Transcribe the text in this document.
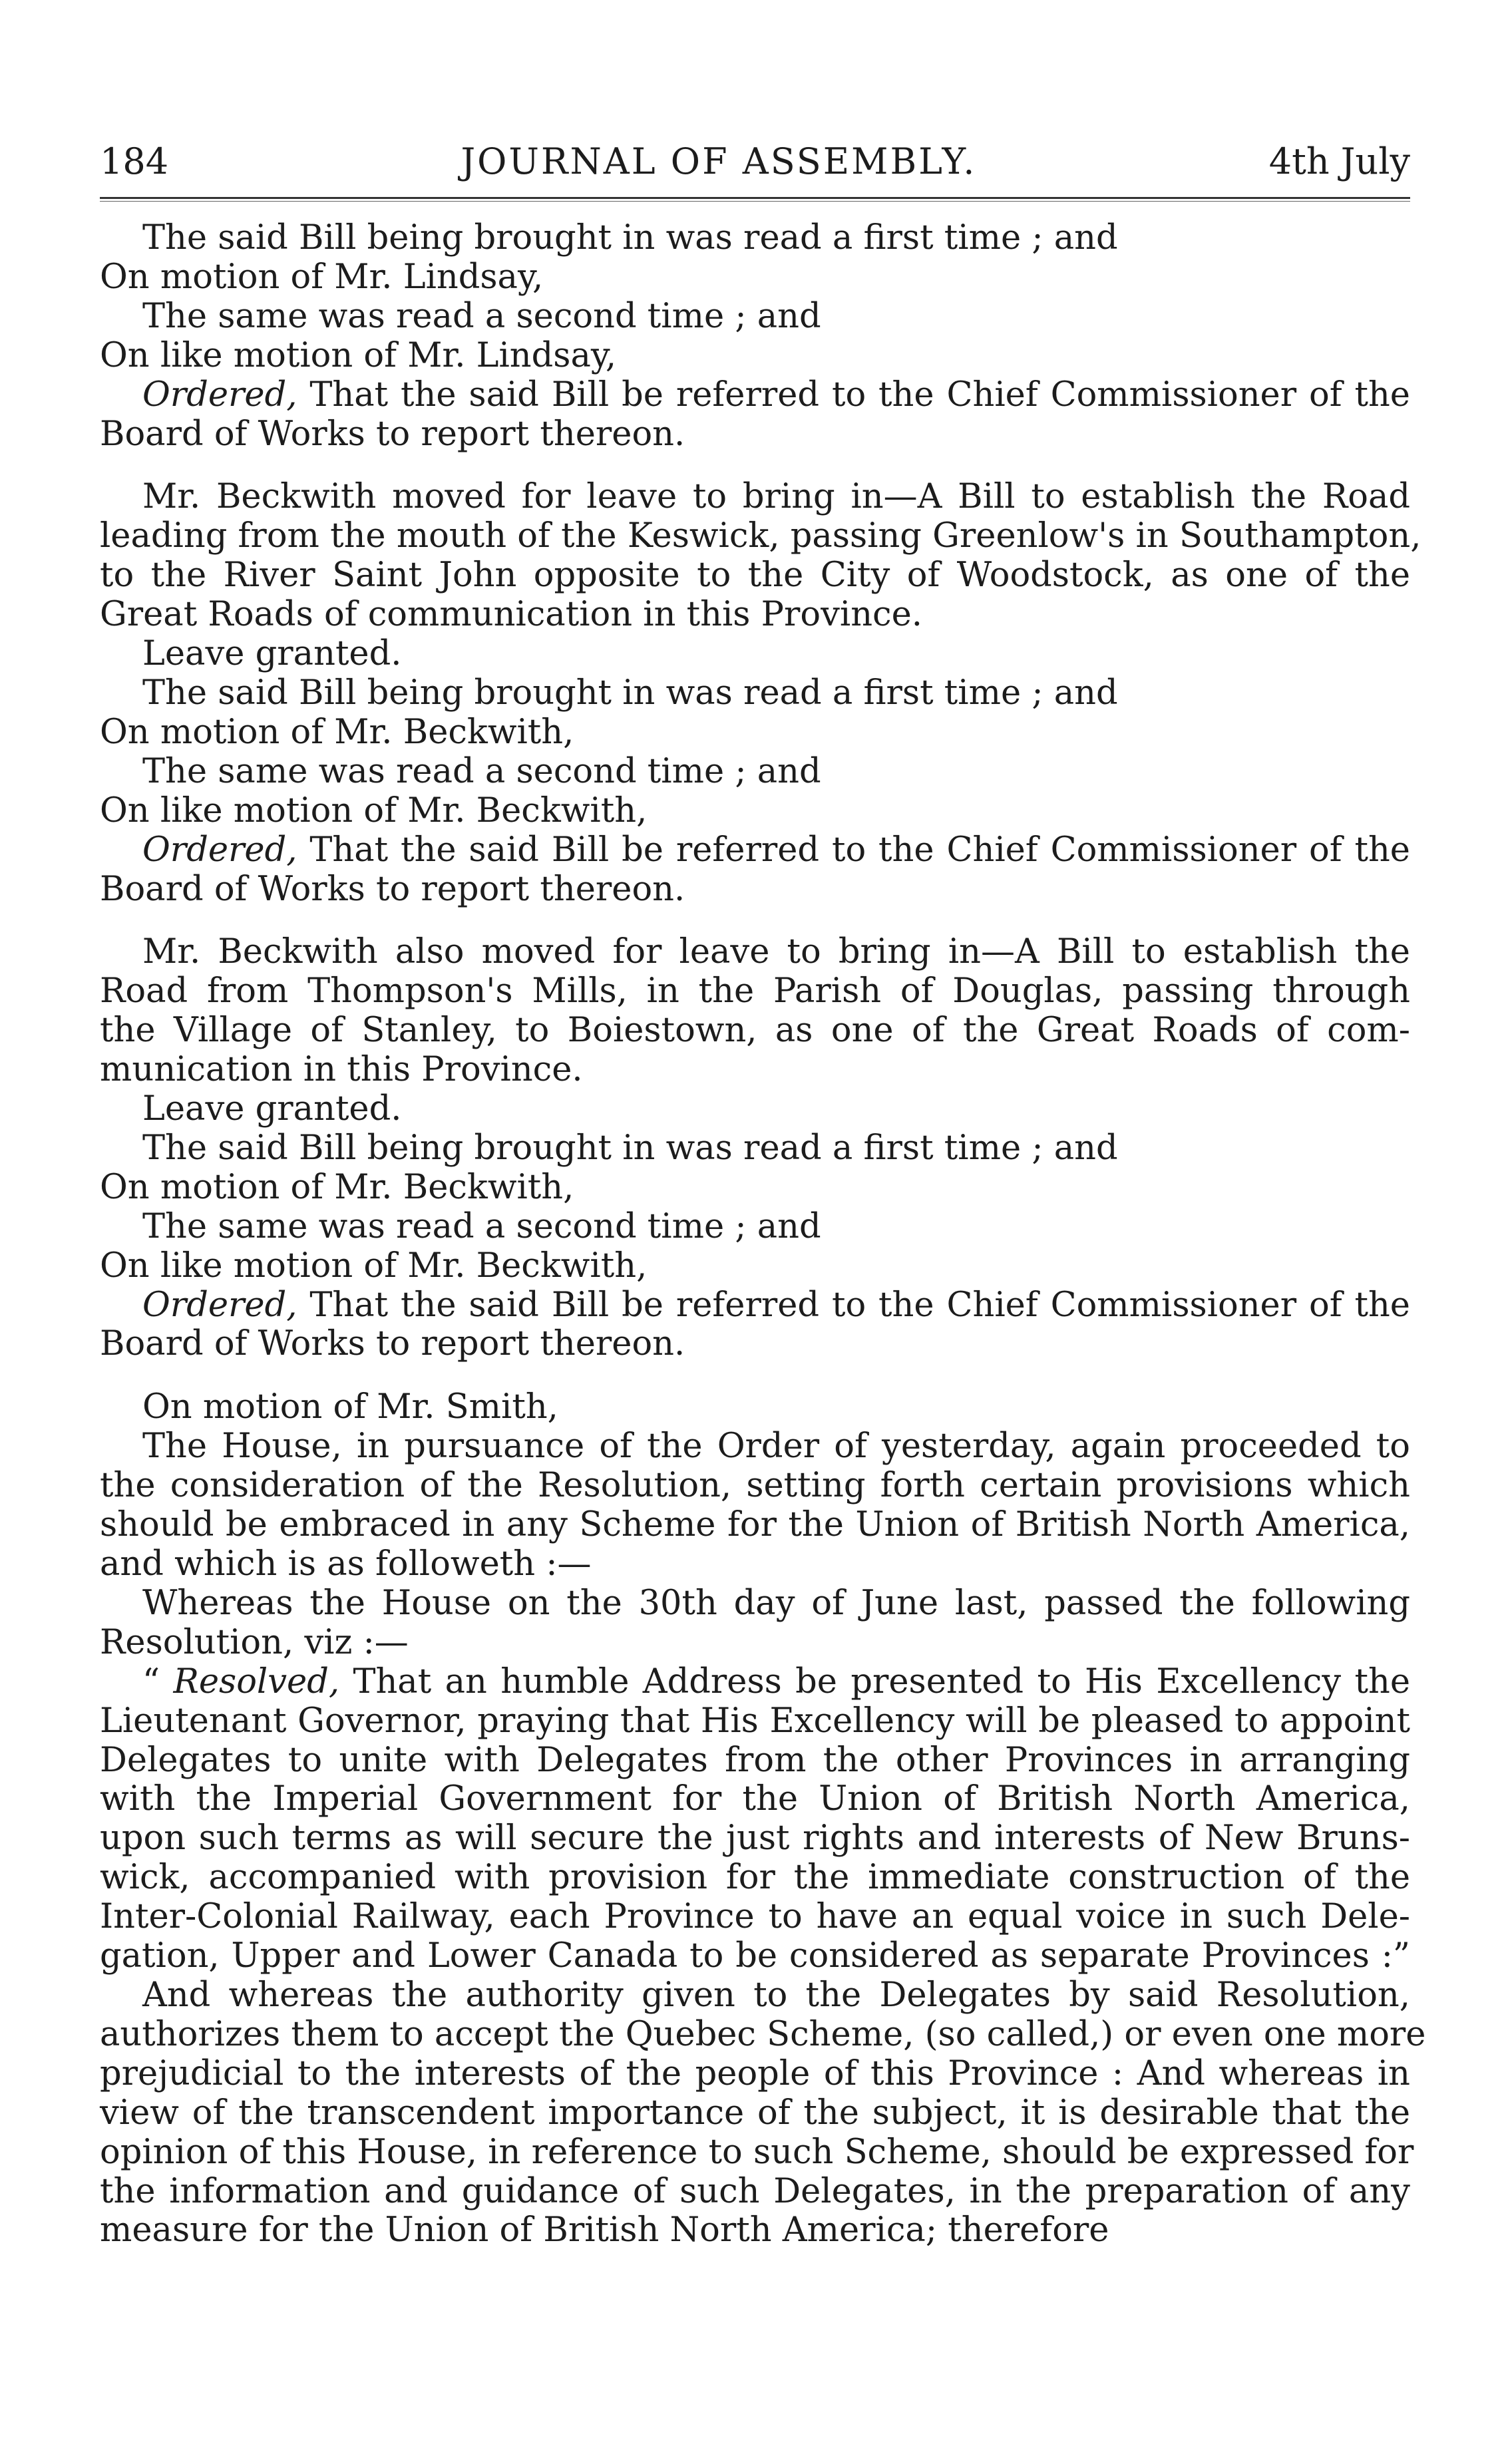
184	JOURNAL OF ASSEMBLY.	4th July
The said Bill being brought in was read a first time ; and
On motion of Mr. Lindsay,
The same was read a second time ; and
On like motion of Mr. Lindsay,
Ordered, That the said Bill be referred to the Chief Commissioner of the
Board of Works to report thereon.
Mr. Beckwith moved for leave to bring in—A Bill to establish the Road
leading from the mouth of the Keswick, passing Greenlow's in Southampton,
to the River Saint John opposite to the City of Woodstock, as one of the
Great Roads of communication in this Province.
Leave granted.
The said Bill being brought in was read a first time ; and
On motion of Mr. Beckwith,
The same was read a second time ; and
On like motion of Mr. Beckwith,
Ordered, That the said Bill be referred to the Chief Commissioner of the
Board of Works to report thereon.
Mr. Beckwith also moved for leave to bring in—A Bill to establish the
Road from Thompson's Mills, in the Parish of Douglas, passing through
the Village of Stanley, to Boiestown, as one of the Great Roads of com-
munication in this Province.
Leave granted.
The said Bill being brought in was read a first time ; and
On motion of Mr. Beckwith,
The same was read a second time ; and
On like motion of Mr. Beckwith,
Ordered, That the said Bill be referred to the Chief Commissioner of the
Board of Works to report thereon.
On motion of Mr. Smith,
The House, in pursuance of the Order of yesterday, again proceeded to
the consideration of the Resolution, setting forth certain provisions which
should be embraced in any Scheme for the Union of British North America,
and which is as followeth :—
Whereas the House on the 30th day of June last, passed the following
Resolution, viz :—
“ Resolved, That an humble Address be presented to His Excellency the
Lieutenant Governor, praying that His Excellency will be pleased to appoint
Delegates to unite with Delegates from the other Provinces in arranging
with the Imperial Government for the Union of British North America,
upon such terms as will secure the just rights and interests of New Bruns-
wick, accompanied with provision for the immediate construction of the
Inter-Colonial Railway, each Province to have an equal voice in such Dele-
gation, Upper and Lower Canada to be considered as separate Provinces :”
And whereas the authority given to the Delegates by said Resolution,
authorizes them to accept the Quebec Scheme, (so called,) or even one more
prejudicial to the interests of the people of this Province : And whereas in
view of the transcendent importance of the subject, it is desirable that the
opinion of this House, in reference to such Scheme, should be expressed for
the information and guidance of such Delegates, in the preparation of any
measure for the Union of British North America; therefore
